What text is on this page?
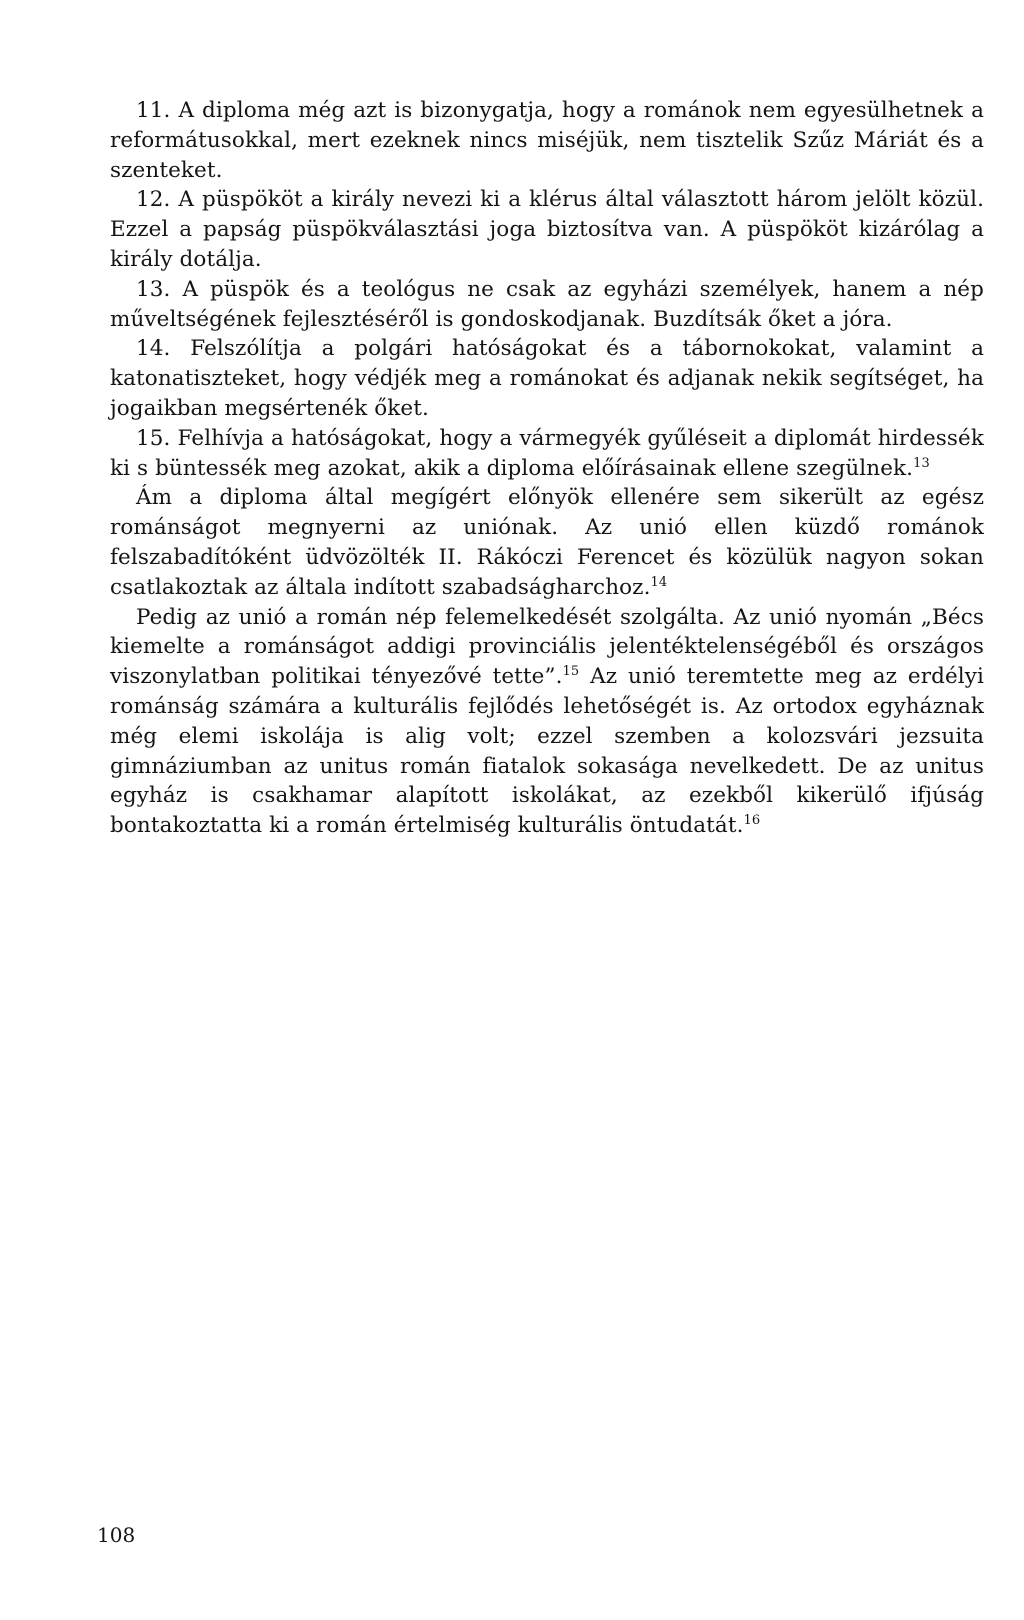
11. A diploma még azt is bizonygatja, hogy a románok nem egyesülhetnek a reformátusokkal, mert ezeknek nincs miséjük, nem tisztelik Szűz Máriát és a szenteket.

12. A püspököt a király nevezi ki a klérus által választott három jelölt közül. Ezzel a papság püspökválasztási joga biztosítva van. A püspököt kizárólag a király dotálja.

13. A püspök és a teológus ne csak az egyházi személyek, hanem a nép műveltségének fejlesztéséről is gondoskodjanak. Buzdítsák őket a jóra.

14. Felszólítja a polgári hatóságokat és a tábornokokat, valamint a katonatiszteket, hogy védjék meg a románokat és adjanak nekik segítséget, ha jogaikban megsértenék őket.

15. Felhívja a hatóságokat, hogy a vármegyék gyűléseit a diplomát hirdessék ki s büntessék meg azokat, akik a diploma előírásainak ellene szegülnek.$^{13}$

Ám a diploma által megígért előnyök ellenére sem sikerült az egész románságot megnyerni az uniónak. Az unió ellen küzdő románok felszabadítóként üdvözölték II. Rákóczi Ferencet és közülük nagyon sokan csatlakoztak az általa indított szabadságharchoz.$^{14}$

Pedig az unió a román nép felemelkedését szolgálta. Az unió nyomán „Bécs kiemelte a románságot addigi provinciális jelentéktelenségéből és országos viszonylatban politikai tényezővé tette”.$^{15}$ Az unió teremtette meg az erdélyi románság számára a kulturális fejlődés lehetőségét is. Az ortodox egyháznak még elemi iskolája is alig volt; ezzel szemben a kolozsvári jezsuita gimnáziumban az unitus román fiatalok sokasága nevelkedett. De az unitus egyház is csakhamar alapított iskolákat, az ezekből kikerülő ifjúság bontakoztatta ki a román értelmiség kulturális öntudatát.$^{16}$

108
